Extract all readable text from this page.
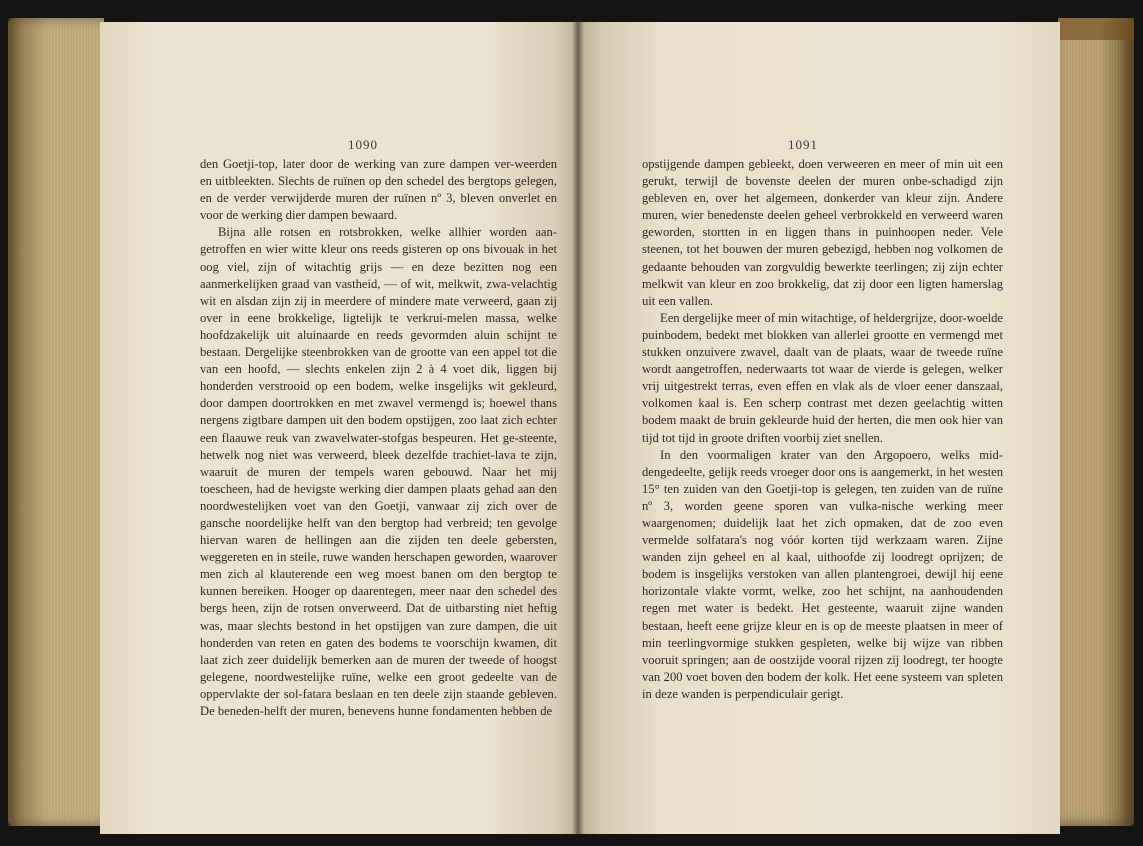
1090

den Goetji-top, later door de werking van zure dampen ver-weerden en uitbleekten. Slechts de ruïnen op den schedel des bergtops gelegen, en de verder verwijderde muren der ruïnen nº 3, bleven onverlet en voor de werking dier dampen bewaard.

Bijna alle rotsen en rotsbrokken, welke allhier worden aan-getroffen en wier witte kleur ons reeds gisteren op ons bivouak in het oog viel, zijn of witachtig grijs — en deze bezitten nog een aanmerkelijken graad van vastheid, — of wit, melkwit, zwa-velachtig wit en alsdan zijn zij in meerdere of mindere mate verweerd, gaan zij over in eene brokkelige, ligtelijk te verkrui-melen massa, welke hoofdzakelijk uit aluinaarde en reeds gevormden aluin schijnt te bestaan. Dergelijke steenbrokken van de grootte van een appel tot die van een hoofd, — slechts enkelen zijn 2 à 4 voet dik, liggen bij honderden verstrooid op een bodem, welke insgelijks wit gekleurd, door dampen doortrokken en met zwavel vermengd is; hoewel thans nergens zigtbare dampen uit den bodem opstijgen, zoo laat zich echter een flaauwe reuk van zwavelwater-stofgas bespeuren. Het ge-steente, hetwelk nog niet was verweerd, bleek dezelfde trachiet-lava te zijn, waaruit de muren der tempels waren gebouwd. Naar het mij toescheen, had de hevigste werking dier dampen plaats gehad aan den noordwestelijken voet van den Goetji, vanwaar zij zich over de gansche noordelijke helft van den bergtop had verbreid; ten gevolge hiervan waren de hellingen aan die zijden ten deele gebersten, weggereten en in steile, ruwe wanden herschapen geworden, waarover men zich al klauterende een weg moest banen om den bergtop te kunnen bereiken. Hooger op daarentegen, meer naar den schedel des bergs heen, zijn de rotsen onverweerd. Dat de uitbarsting niet heftig was, maar slechts bestond in het opstijgen van zure dampen, die uit honderden van reten en gaten des bodems te voorschijn kwamen, dit laat zich zeer duidelijk bemerken aan de muren der tweede of hoogst gelegene, noordwestelijke ruïne, welke een groot gedeelte van de oppervlakte der sol-fatara beslaan en ten deele zijn staande gebleven. De beneden-helft der muren, benevens hunne fondamenten hebben de

1091

opstijgende dampen gebleekt, doen verweeren en meer of min uit een gerukt, terwijl de bovenste deelen der muren onbe-schadigd zijn gebleven en, over het algemeen, donkerder van kleur zijn. Andere muren, wier benedenste deelen geheel verbrokkeld en verweerd waren geworden, stortten in en liggen thans in puinhoopen neder. Vele steenen, tot het bouwen der muren gebezigd, hebben nog volkomen de gedaante behouden van zorgvuldig bewerkte teerlingen; zij zijn echter melkwit van kleur en zoo brokkelig, dat zij door een ligten hamerslag uit een vallen.

Een dergelijke meer of min witachtige, of heldergrijze, door-woelde puinbodem, bedekt met blokken van allerlei grootte en vermengd met stukken onzuivere zwavel, daalt van de plaats, waar de tweede ruïne wordt aangetroffen, nederwaarts tot waar de vierde is gelegen, welker vrij uitgestrekt terras, even effen en vlak als de vloer eener danszaal, volkomen kaal is. Een scherp contrast met dezen geelachtig witten bodem maakt de bruin gekleurde huid der herten, die men ook hier van tijd tot tijd in groote driften voorbij ziet snellen.

In den voormaligen krater van den Argopoero, welks mid-dengedeelte, gelijk reeds vroeger door ons is aangemerkt, in het westen 15° ten zuiden van den Goetji-top is gelegen, ten zuiden van de ruïne nº 3, worden geene sporen van vulka-nische werking meer waargenomen; duidelijk laat het zich opmaken, dat de zoo even vermelde solfatara's nog vóór korten tijd werkzaam waren. Zijne wanden zijn geheel en al kaal, uithoofde zij loodregt oprijzen; de bodem is insgelijks verstoken van allen plantengroei, dewijl hij eene horizontale vlakte vormt, welke, zoo het schijnt, na aanhoudenden regen met water is bedekt. Het gesteente, waaruit zijne wanden bestaan, heeft eene grijze kleur en is op de meeste plaatsen in meer of min teerlingvormige stukken gespleten, welke bij wijze van ribben vooruit springen; aan de oostzijde vooral rijzen zij loodregt, ter hoogte van 200 voet boven den bodem der kolk. Het eene systeem van spleten in deze wanden is perpendiculair gerigt.
